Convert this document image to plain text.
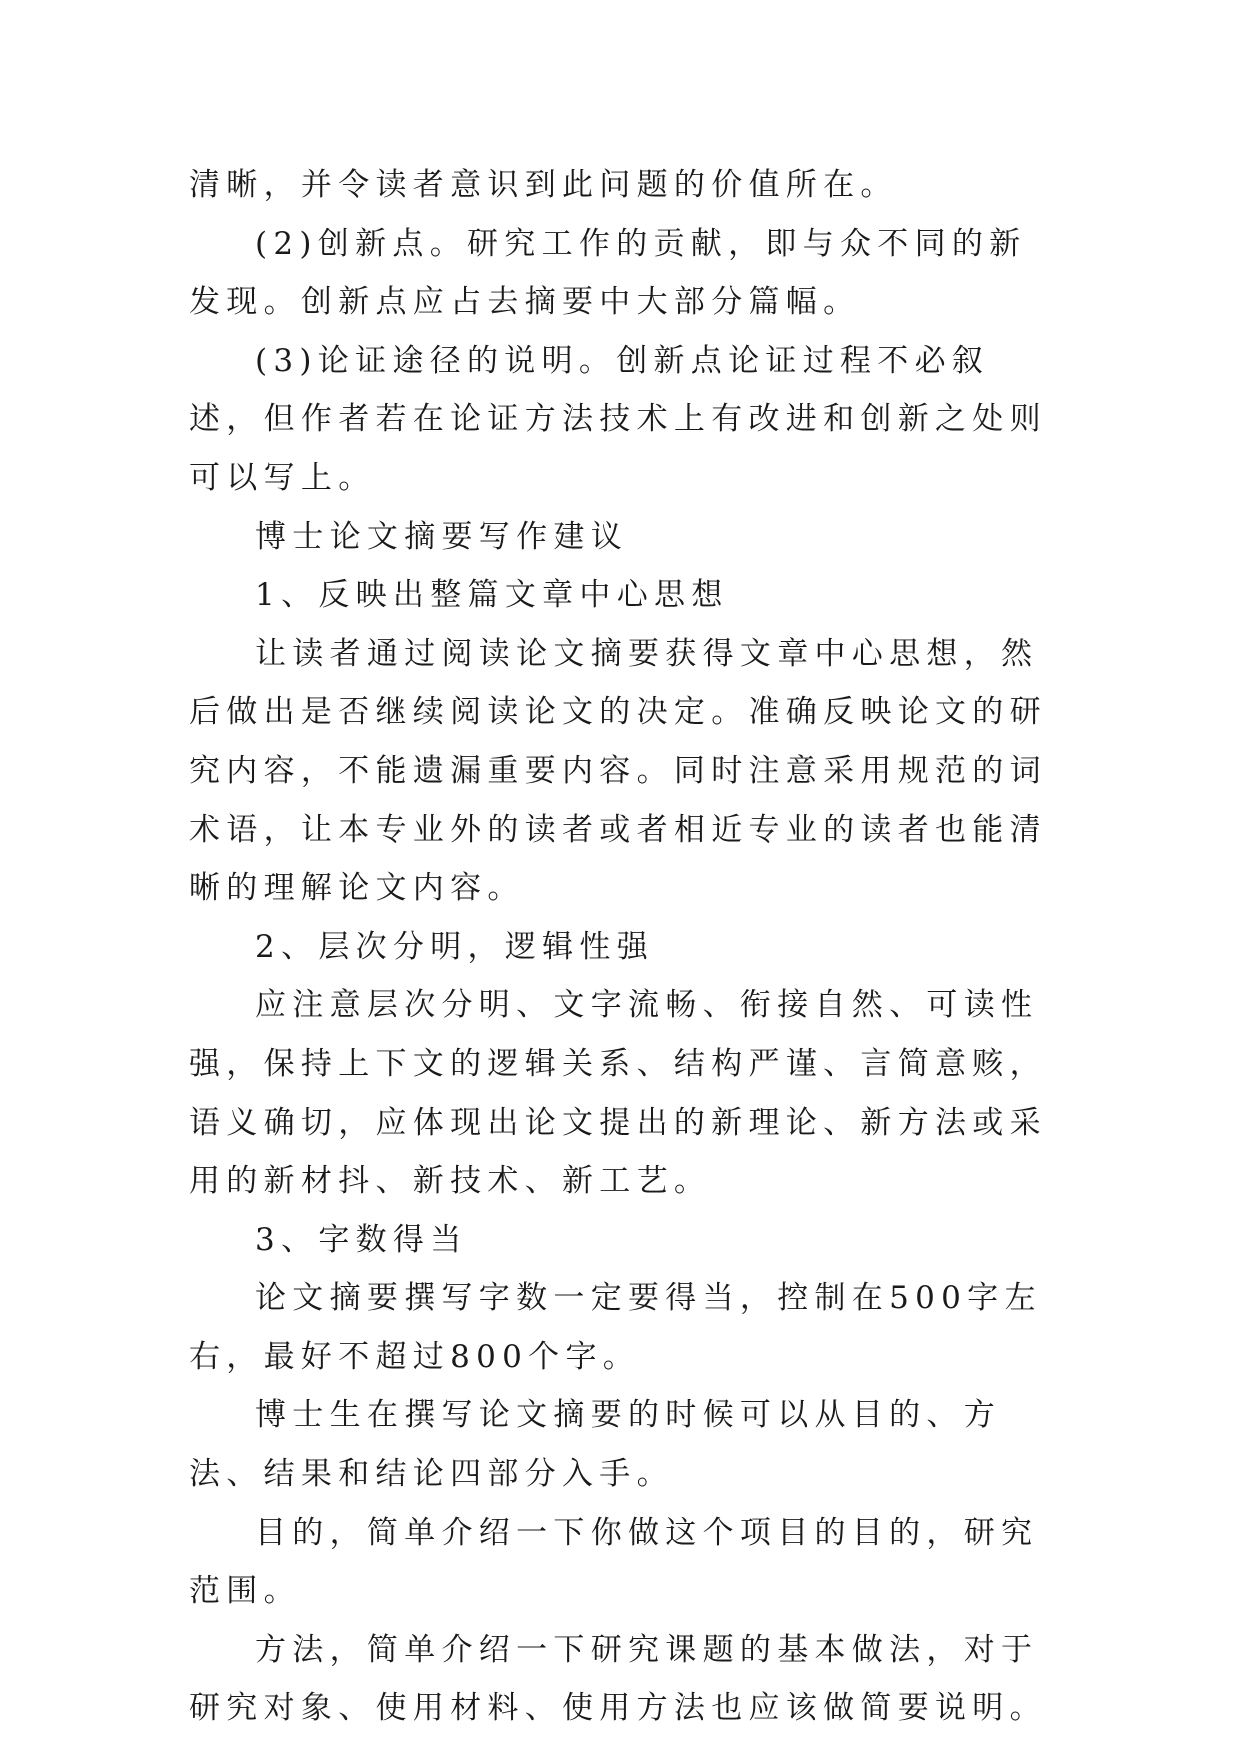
清晰，并令读者意识到此问题的价值所在。

(2)创新点。研究工作的贡献，即与众不同的新发现。创新点应占去摘要中大部分篇幅。

(3)论证途径的说明。创新点论证过程不必叙述，但作者若在论证方法技术上有改进和创新之处则可以写上。

博士论文摘要写作建议

1、反映出整篇文章中心思想

让读者通过阅读论文摘要获得文章中心思想，然后做出是否继续阅读论文的决定。准确反映论文的研究内容，不能遗漏重要内容。同时注意采用规范的词术语，让本专业外的读者或者相近专业的读者也能清晰的理解论文内容。

2、层次分明，逻辑性强

应注意层次分明、文字流畅、衔接自然、可读性强，保持上下文的逻辑关系、结构严谨、言简意赅，语义确切，应体现出论文提出的新理论、新方法或采用的新材抖、新技术、新工艺。

3、字数得当

论文摘要撰写字数一定要得当，控制在500字左右，最好不超过800个字。

博士生在撰写论文摘要的时候可以从目的、方法、结果和结论四部分入手。

目的，简单介绍一下你做这个项目的目的，研究范围。

方法，简单介绍一下研究课题的基本做法，对于研究对象、使用材料、使用方法也应该做简要说明。
